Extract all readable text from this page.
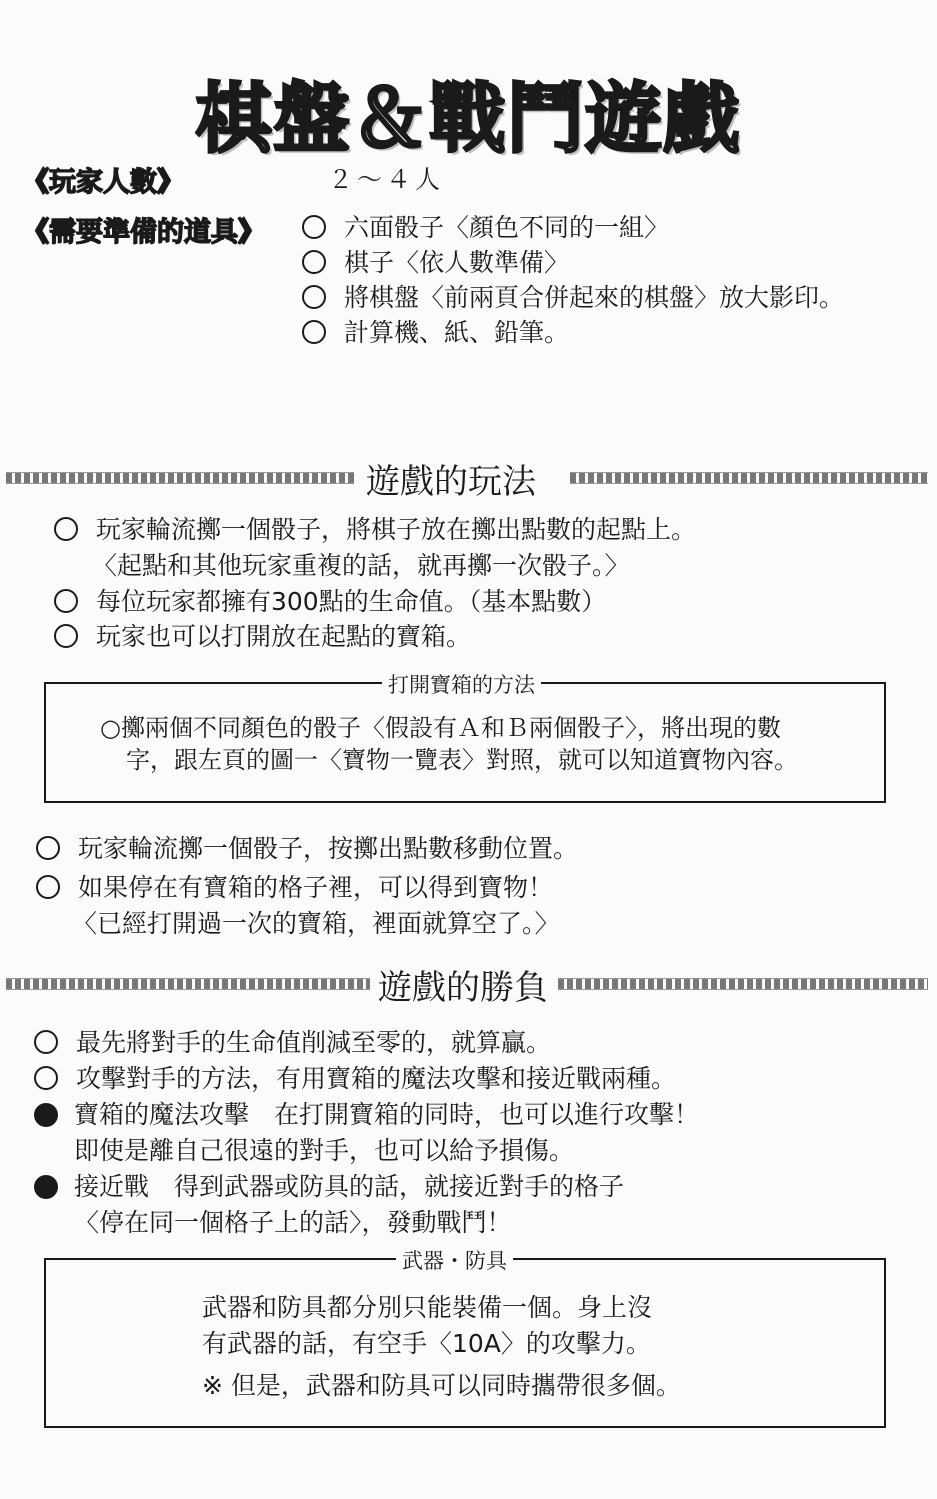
棋盤＆戰鬥遊戲
《玩家人數》	２～４人
《需要準備的道具》	六面骰子〈顏色不同的一組〉
棋子〈依人數準備〉
將棋盤〈前兩頁合併起來的棋盤〉放大影印。
計算機、紙、鉛筆。
遊戲的玩法
玩家輪流擲一個骰子，將棋子放在擲出點數的起點上。
〈起點和其他玩家重複的話，就再擲一次骰子。〉
每位玩家都擁有300點的生命值。（基本點數）
玩家也可以打開放在起點的寶箱。
打開寶箱的方法
○擲兩個不同顏色的骰子〈假設有Ａ和Ｂ兩個骰子〉，將出現的數
字，跟左頁的圖一〈寶物一覽表〉對照，就可以知道寶物內容。
玩家輪流擲一個骰子，按擲出點數移動位置。
如果停在有寶箱的格子裡，可以得到寶物！
〈已經打開過一次的寶箱，裡面就算空了。〉
遊戲的勝負
最先將對手的生命值削減至零的，就算贏。
攻擊對手的方法，有用寶箱的魔法攻擊和接近戰兩種。
寶箱的魔法攻擊　在打開寶箱的同時，也可以進行攻擊！
即使是離自己很遠的對手，也可以給予損傷。
接近戰　得到武器或防具的話，就接近對手的格子
〈停在同一個格子上的話〉，發動戰鬥！
武器・防具
武器和防具都分別只能裝備一個。身上沒
有武器的話，有空手〈10A〉的攻擊力。
※ 但是，武器和防具可以同時攜帶很多個。
